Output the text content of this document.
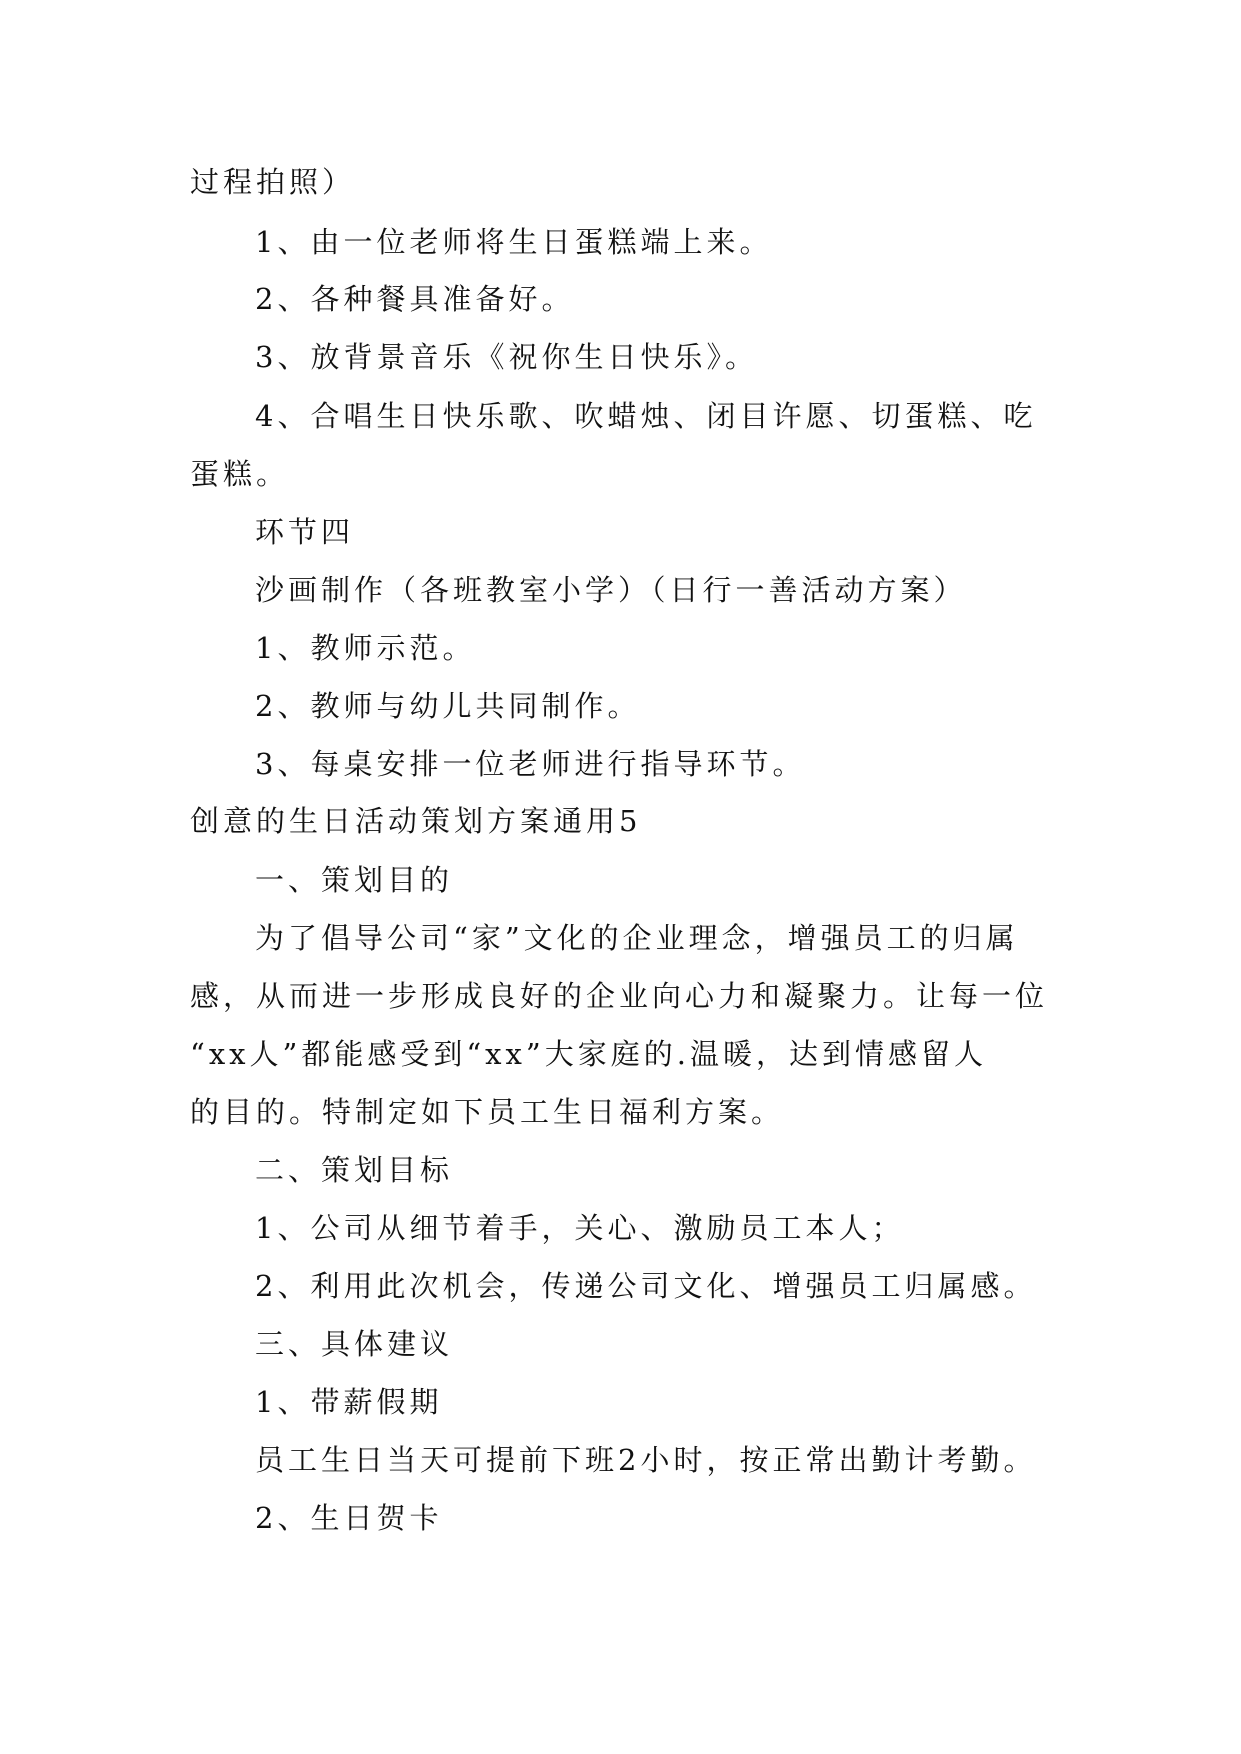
过程拍照）
1、由一位老师将生日蛋糕端上来。
2、各种餐具准备好。
3、放背景音乐《祝你生日快乐》。
4、合唱生日快乐歌、吹蜡烛、闭目许愿、切蛋糕、吃
蛋糕。
环节四
沙画制作（各班教室小学）（日行一善活动方案）
1、教师示范。
2、教师与幼儿共同制作。
3、每桌安排一位老师进行指导环节。
创意的生日活动策划方案通用5
一、策划目的
为了倡导公司“家”文化的企业理念，增强员工的归属
感，从而进一步形成良好的企业向心力和凝聚力。让每一位
“xx人”都能感受到“xx”大家庭的.温暖，达到情感留人
的目的。特制定如下员工生日福利方案。
二、策划目标
1、公司从细节着手，关心、激励员工本人；
2、利用此次机会，传递公司文化、增强员工归属感。
三、具体建议
1、带薪假期
员工生日当天可提前下班2小时，按正常出勤计考勤。
2、生日贺卡
